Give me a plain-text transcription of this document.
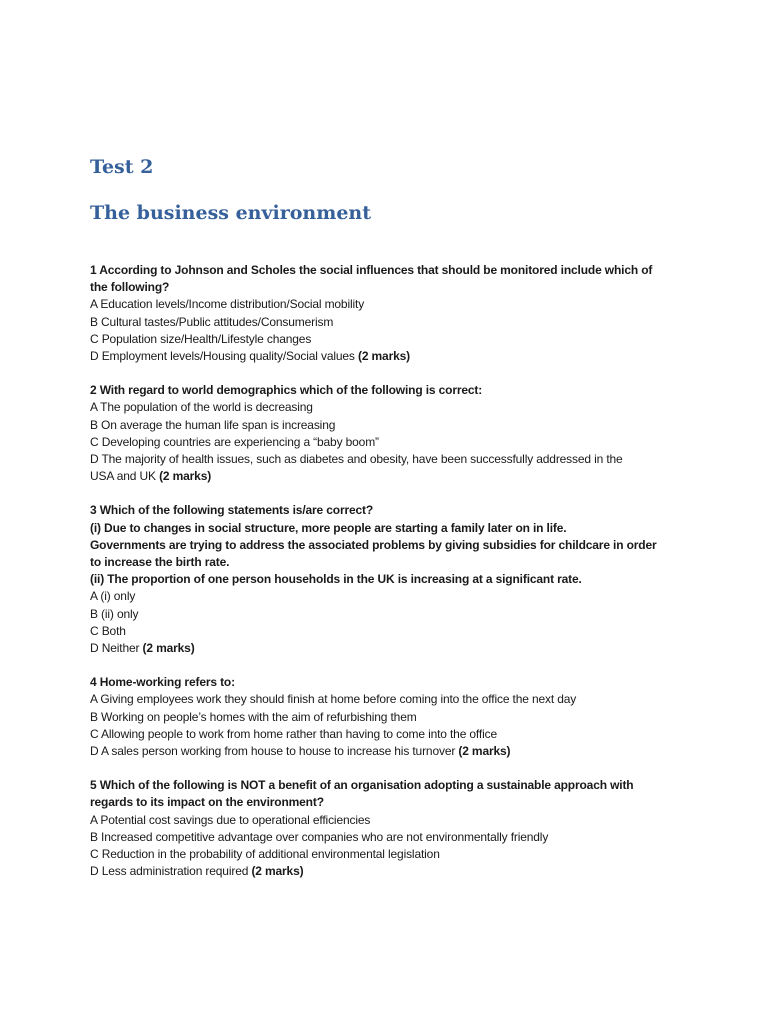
Test 2
The business environment
1 According to Johnson and Scholes the social influences that should be monitored include which of
the following?
A Education levels/Income distribution/Social mobility
B Cultural tastes/Public attitudes/Consumerism
C Population size/Health/Lifestyle changes
D Employment levels/Housing quality/Social values (2 marks)
2 With regard to world demographics which of the following is correct:
A The population of the world is decreasing
B On average the human life span is increasing
C Developing countries are experiencing a “baby boom”
D The majority of health issues, such as diabetes and obesity, have been successfully addressed in the
USA and UK (2 marks)
3 Which of the following statements is/are correct?
(i) Due to changes in social structure, more people are starting a family later on in life.
Governments are trying to address the associated problems by giving subsidies for childcare in order
to increase the birth rate.
(ii) The proportion of one person households in the UK is increasing at a significant rate.
A (i) only
B (ii) only
C Both
D Neither (2 marks)
4 Home-working refers to:
A Giving employees work they should finish at home before coming into the office the next day
B Working on people’s homes with the aim of refurbishing them
C Allowing people to work from home rather than having to come into the office
D A sales person working from house to house to increase his turnover (2 marks)
5 Which of the following is NOT a benefit of an organisation adopting a sustainable approach with
regards to its impact on the environment?
A Potential cost savings due to operational efficiencies
B Increased competitive advantage over companies who are not environmentally friendly
C Reduction in the probability of additional environmental legislation
D Less administration required (2 marks)
